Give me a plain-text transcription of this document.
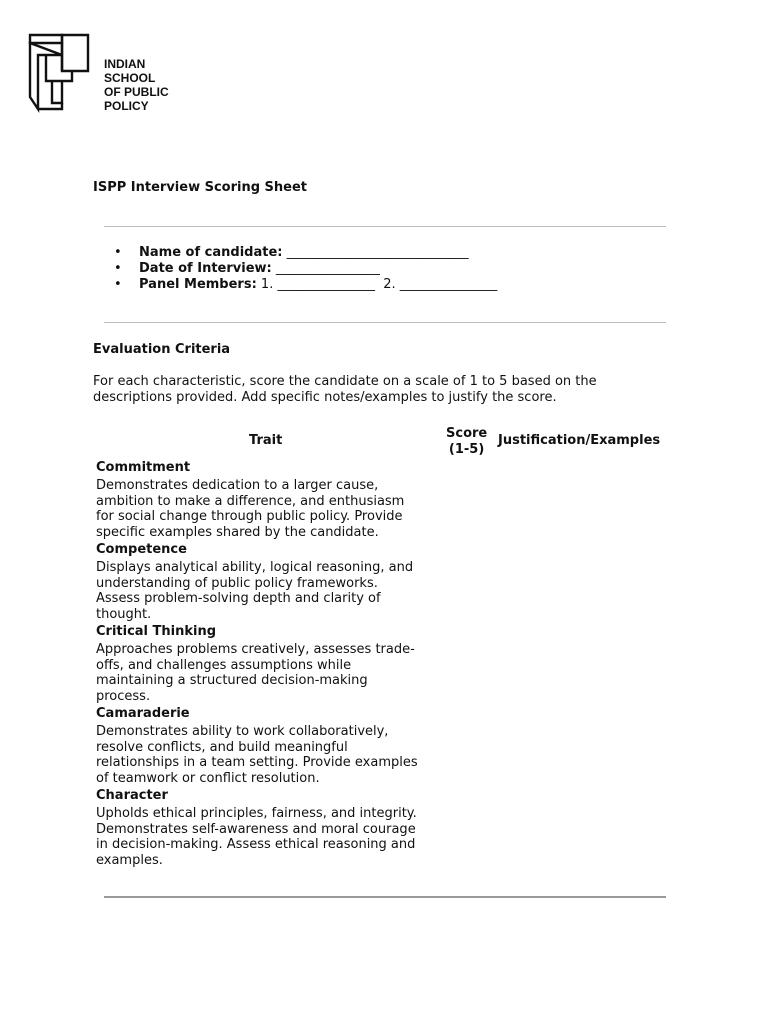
INDIAN
SCHOOL
OF PUBLIC
POLICY
ISPP Interview Scoring Sheet
• Name of candidate: ____________________________
• Date of Interview: ________________
• Panel Members: 1. _______________ 2. _______________
Evaluation Criteria
For each characteristic, score the candidate on a scale of 1 to 5 based on the
descriptions provided. Add specific notes/examples to justify the score.
Trait	Score
(1-5)
Justification/Examples
Commitment
Demonstrates dedication to a larger cause,
ambition to make a difference, and enthusiasm
for social change through public policy. Provide
specific examples shared by the candidate.
Competence
Displays analytical ability, logical reasoning, and
understanding of public policy frameworks.
Assess problem-solving depth and clarity of
thought.
Critical Thinking
Approaches problems creatively, assesses trade-
offs, and challenges assumptions while
maintaining a structured decision-making
process.
Camaraderie
Demonstrates ability to work collaboratively,
resolve conflicts, and build meaningful
relationships in a team setting. Provide examples
of teamwork or conflict resolution.
Character
Upholds ethical principles, fairness, and integrity.
Demonstrates self-awareness and moral courage
in decision-making. Assess ethical reasoning and
examples.
